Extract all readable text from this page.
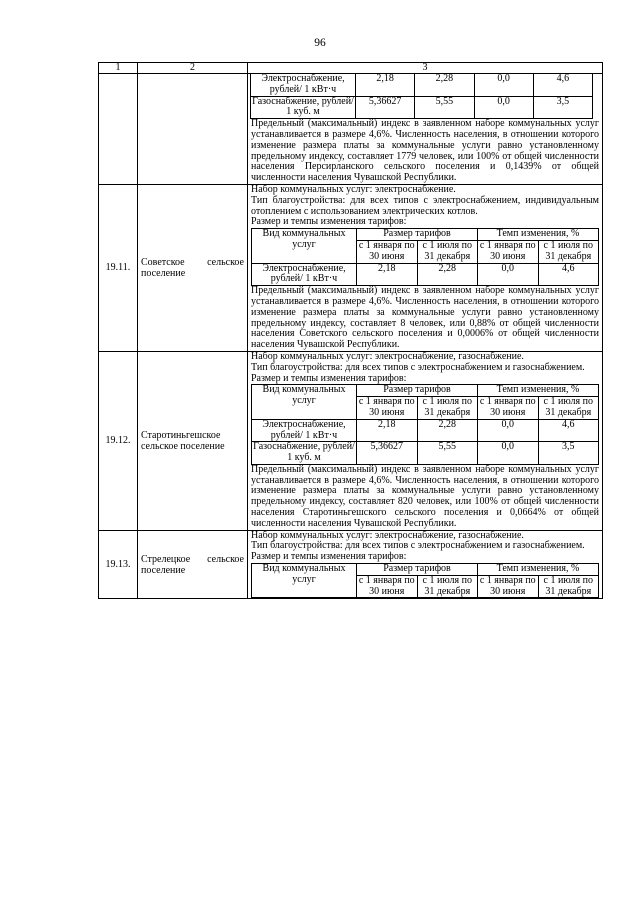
96
1	2	3

Электроснабжение, рублей/ 1 кВт·ч	2,18	2,28	0,0	4,6
Газоснабжение, рублей/ 1 куб. м	5,36627	5,55	0,0	3,5
Предельный (максимальный) индекс в заявленном наборе коммунальных услуг устанавливается в размере 4,6%. Численность населения, в отношении которого изменение размера платы за коммунальные услуги равно установленному предельному индексу, составляет 1779 человек, или 100% от общей численности населения Персирланского сельского поселения и 0,1439% от общей численности населения Чувашской Республики.

19.11.	Советское сельское поселение	
Набор коммунальных услуг: электроснабжение.
Тип благоустройства: для всех типов с электроснабжением, индивидуальным отоплением с использованием электрических котлов.
Размер и темпы изменения тарифов:
Вид коммунальных услуг	Размер тарифов	Темп изменения, %
с 1 января по 30 июня	с 1 июля по 31 декабря	с 1 января по 30 июня	с 1 июля по 31 декабря
Электроснабжение, рублей/ 1 кВт·ч	2,18	2,28	0,0	4,6
Предельный (максимальный) индекс в заявленном наборе коммунальных услуг устанавливается в размере 4,6%. Численность населения, в отношении которого изменение размера платы за коммунальные услуги равно установленному предельному индексу, составляет 8 человек, или 0,88% от общей численности населения Советского сельского поселения и 0,0006% от общей численности населения Чувашской Республики.

19.12.	Старотиньгешское сельское поселение	
Набор коммунальных услуг: электроснабжение, газоснабжение.
Тип благоустройства: для всех типов с электроснабжением и газоснабжением.
Размер и темпы изменения тарифов:
Вид коммунальных услуг	Размер тарифов	Темп изменения, %
с 1 января по 30 июня	с 1 июля по 31 декабря	с 1 января по 30 июня	с 1 июля по 31 декабря
Электроснабжение, рублей/ 1 кВт·ч	2,18	2,28	0,0	4,6
Газоснабжение, рублей/ 1 куб. м	5,36627	5,55	0,0	3,5
Предельный (максимальный) индекс в заявленном наборе коммунальных услуг устанавливается в размере 4,6%. Численность населения, в отношении которого изменение размера платы за коммунальные услуги равно установленному предельному индексу, составляет 820 человек, или 100% от общей численности населения Старотиньгешского сельского поселения и 0,0664% от общей численности населения Чувашской Республики.

19.13.	Стрелецкое сельское поселение	
Набор коммунальных услуг: электроснабжение, газоснабжение.
Тип благоустройства: для всех типов с электроснабжением и газоснабжением.
Размер и темпы изменения тарифов:
Вид коммунальных услуг	Размер тарифов	Темп изменения, %
с 1 января по 30 июня	с 1 июля по 31 декабря	с 1 января по 30 июня	с 1 июля по 31 декабря
